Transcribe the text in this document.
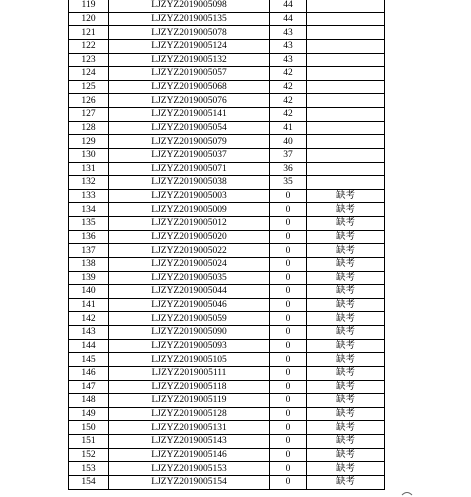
119	LJZYZ2019005098	44	
120	LJZYZ2019005135	44	
121	LJZYZ2019005078	43	
122	LJZYZ2019005124	43	
123	LJZYZ2019005132	43	
124	LJZYZ2019005057	42	
125	LJZYZ2019005068	42	
126	LJZYZ2019005076	42	
127	LJZYZ2019005141	42	
128	LJZYZ2019005054	41	
129	LJZYZ2019005079	40	
130	LJZYZ2019005037	37	
131	LJZYZ2019005071	36	
132	LJZYZ2019005038	35	
133	LJZYZ2019005003	0	缺考
134	LJZYZ2019005009	0	缺考
135	LJZYZ2019005012	0	缺考
136	LJZYZ2019005020	0	缺考
137	LJZYZ2019005022	0	缺考
138	LJZYZ2019005024	0	缺考
139	LJZYZ2019005035	0	缺考
140	LJZYZ2019005044	0	缺考
141	LJZYZ2019005046	0	缺考
142	LJZYZ2019005059	0	缺考
143	LJZYZ2019005090	0	缺考
144	LJZYZ2019005093	0	缺考
145	LJZYZ2019005105	0	缺考
146	LJZYZ2019005111	0	缺考
147	LJZYZ2019005118	0	缺考
148	LJZYZ2019005119	0	缺考
149	LJZYZ2019005128	0	缺考
150	LJZYZ2019005131	0	缺考
151	LJZYZ2019005143	0	缺考
152	LJZYZ2019005146	0	缺考
153	LJZYZ2019005153	0	缺考
154	LJZYZ2019005154	0	缺考
